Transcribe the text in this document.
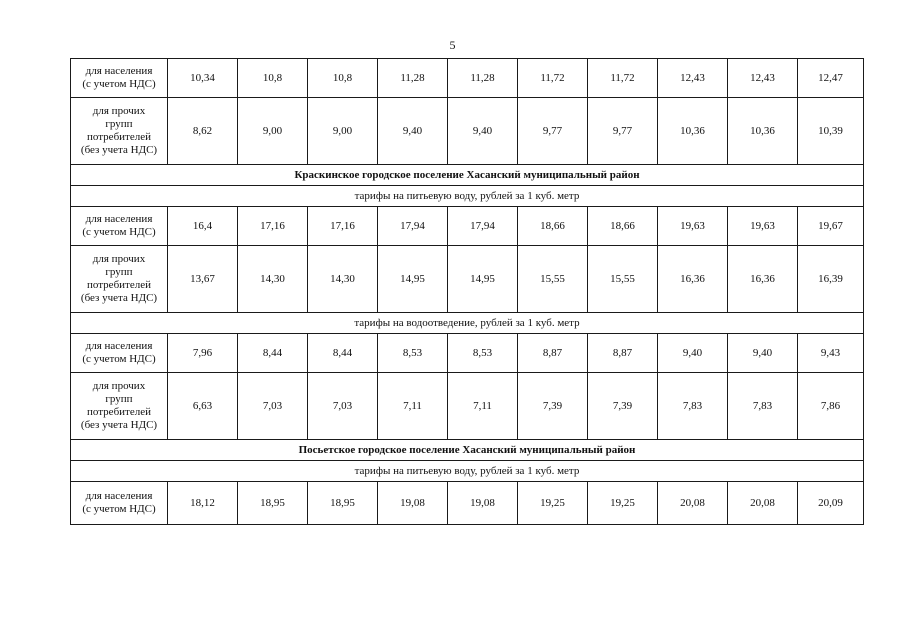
5
для населения
(с учетом НДС)	10,34	10,8	10,8	11,28	11,28	11,72	11,72	12,43	12,43	12,47

для прочих
групп
потребителей
(без учета НДС)	8,62	9,00	9,00	9,40	9,40	9,77	9,77	10,36	10,36	10,39
Краскинское городское поселение Хасанский муниципальный район										
тарифы на питьевую воду, рублей за 1 куб. метр										

для населения
(с учетом НДС)	16,4	17,16	17,16	17,94	17,94	18,66	18,66	19,63	19,63	19,67

для прочих
групп
потребителей
(без учета НДС)	13,67	14,30	14,30	14,95	14,95	15,55	15,55	16,36	16,36	16,39
тарифы на водоотведение, рублей за 1 куб. метр										

для населения
(с учетом НДС)	7,96	8,44	8,44	8,53	8,53	8,87	8,87	9,40	9,40	9,43

для прочих
групп
потребителей
(без учета НДС)	6,63	7,03	7,03	7,11	7,11	7,39	7,39	7,83	7,83	7,86
Посьетское городское поселение Хасанский муниципальный район										
тарифы на питьевую воду, рублей за 1 куб. метр										

для населения
(с учетом НДС)	18,12	18,95	18,95	19,08	19,08	19,25	19,25	20,08	20,08	20,09
